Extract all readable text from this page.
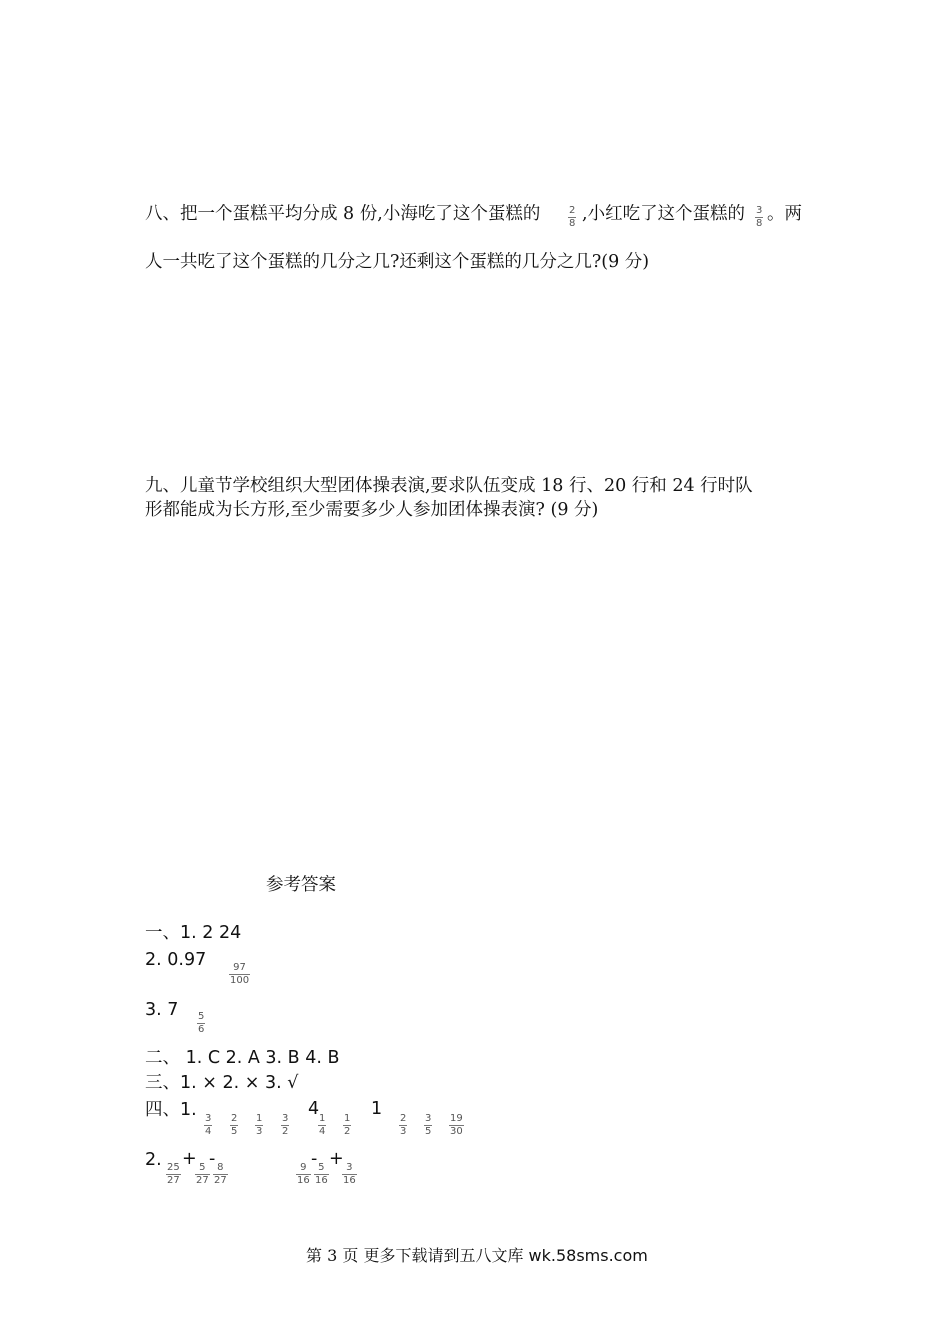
八、把一个蛋糕平均分成 8 份,小海吃了这个蛋糕的	2
8 ,小红吃了这个蛋糕的 3
8 。两
人一共吃了这个蛋糕的几分之几?还剩这个蛋糕的几分之几?(9 分)
九、儿童节学校组织大型团体操表演,要求队伍变成 18 行、20 行和 24 行时队
形都能成为长方形,至少需要多少人参加团体操表演? (9 分)
参考答案
一、1. 2 24
2. 0.97	97
100
3. 7 5
6
二、 1. C 2. A 3. B 4. B
三、1. × 2. × 3. √
四、1. 3
4
2
5
1
3
3
2
4 1
4
1
2
1 2
3
3
5
19
30
2. 25
27
+ 5
27
- 8
27
9
16
- 5
16
+ 3
16
第 3 页 更多下载请到五八文库 wk.58sms.com
